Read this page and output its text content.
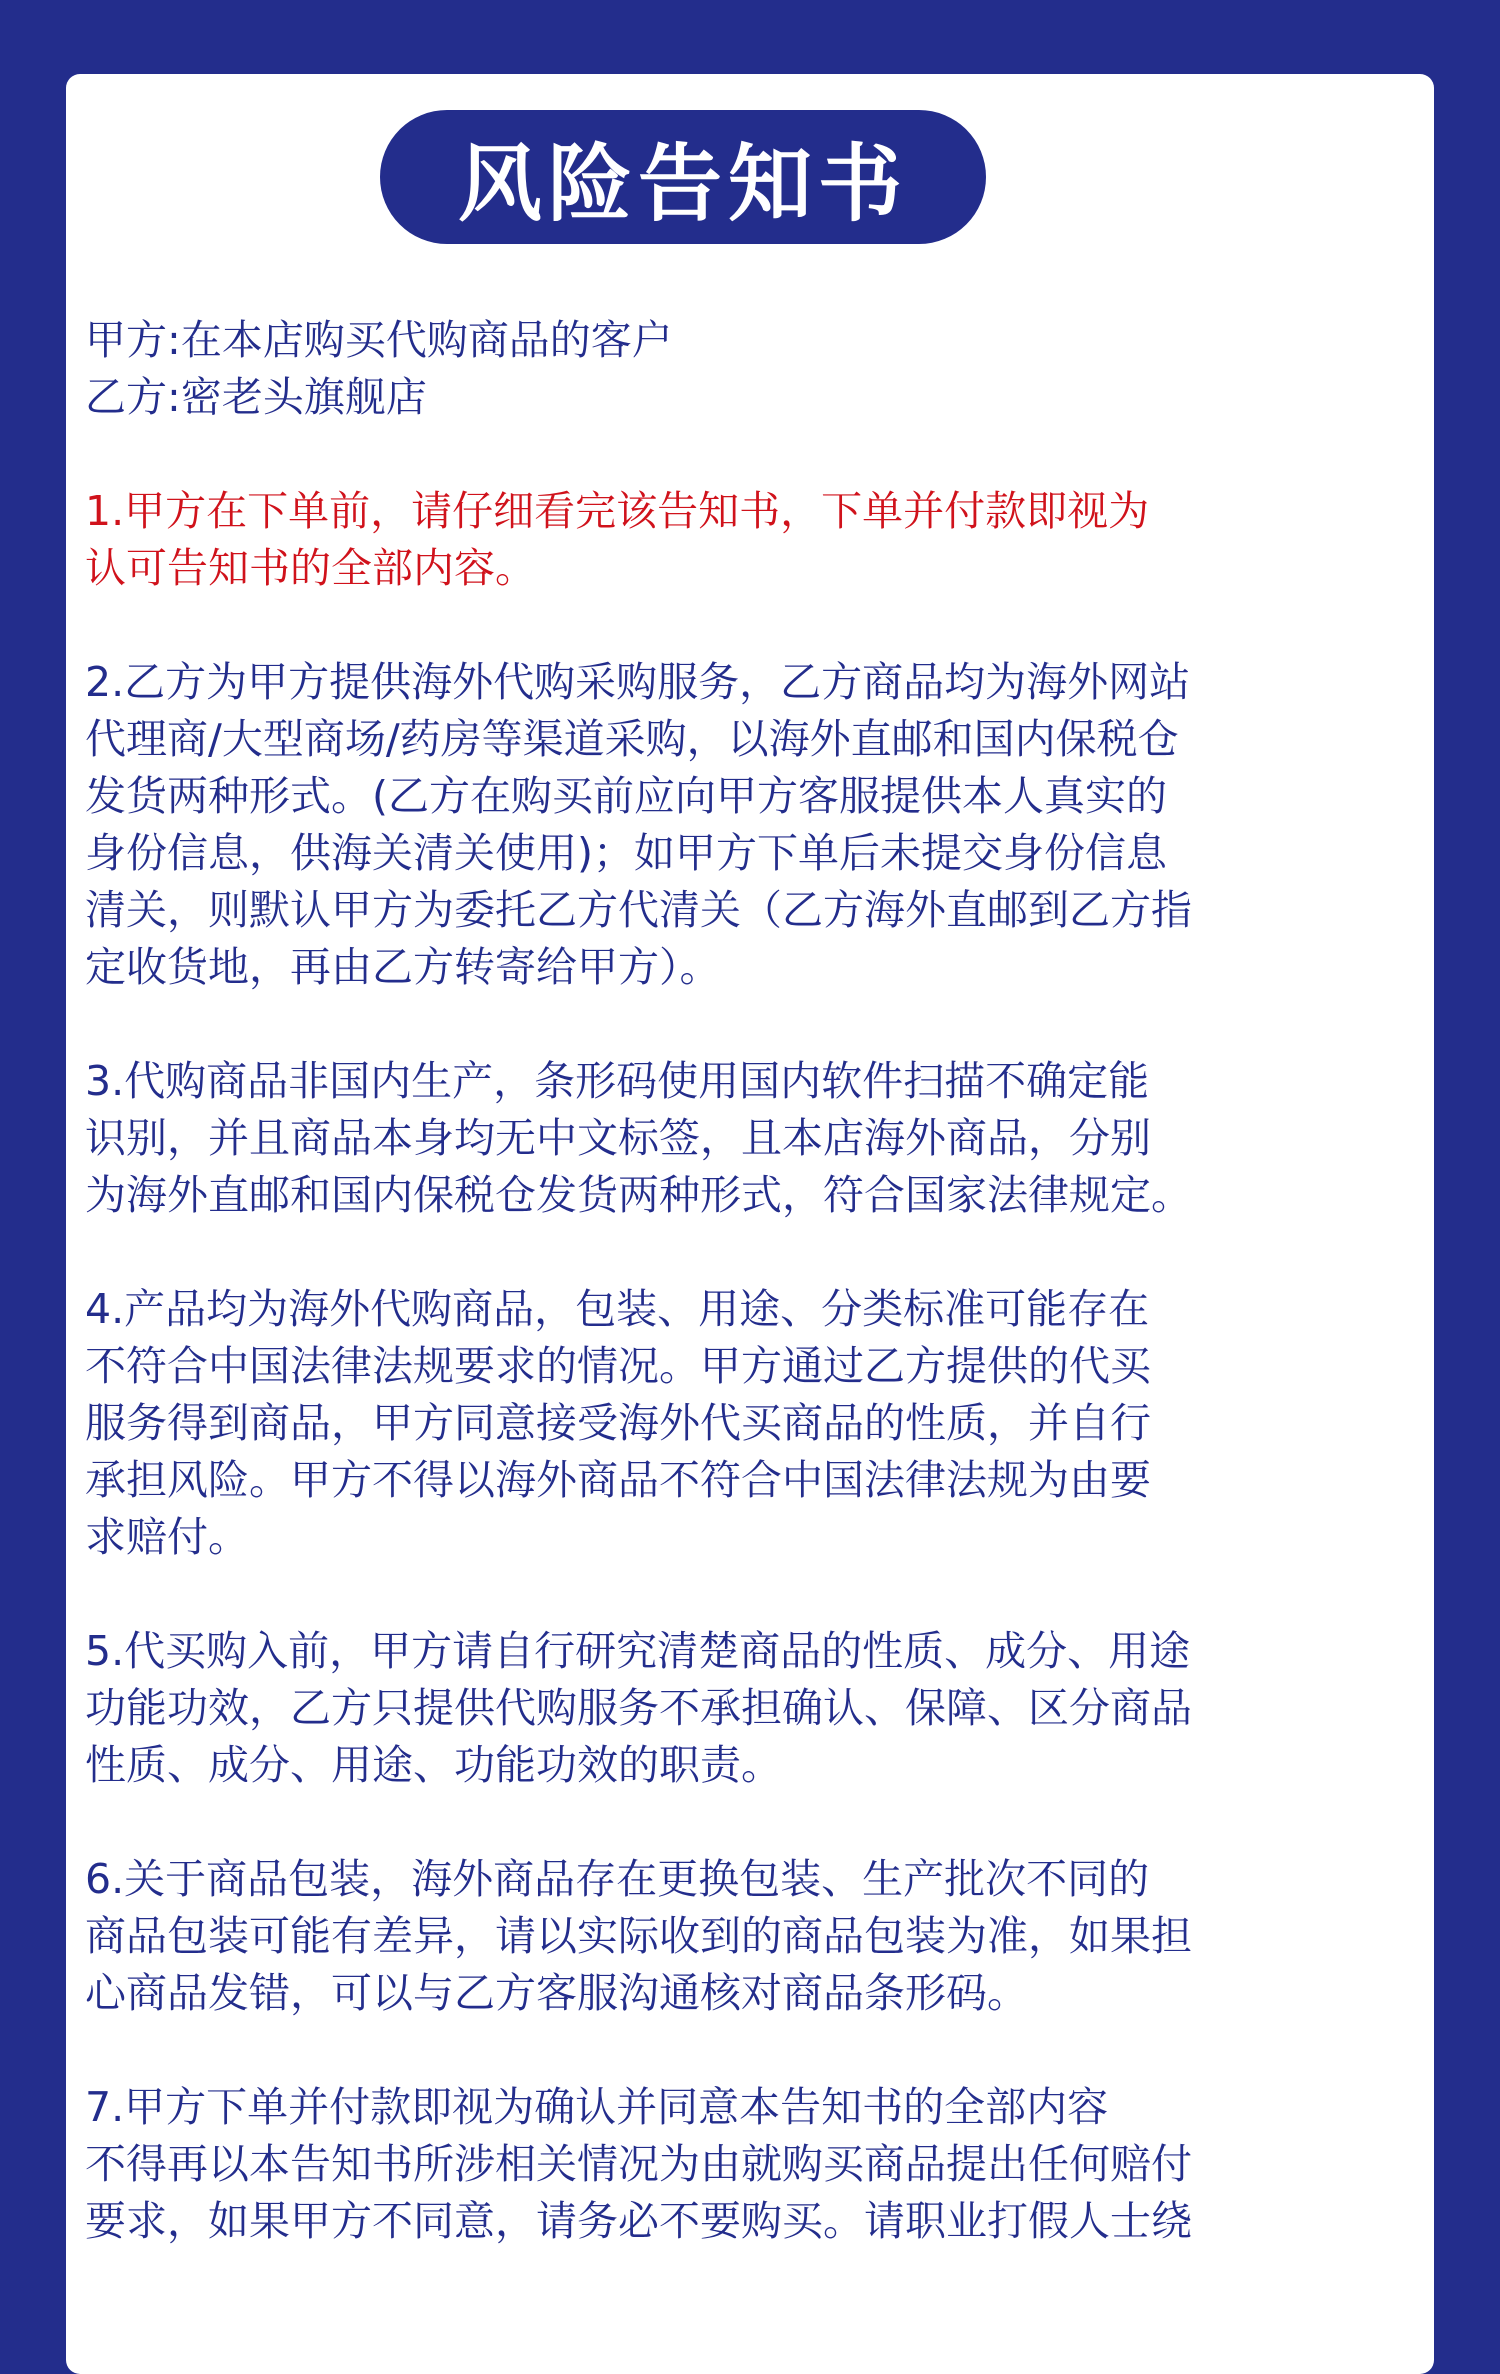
风险告知书
甲方:在本店购买代购商品的客户
乙方:密老头旗舰店
1.甲方在下单前，请仔细看完该告知书，下单并付款即视为
认可告知书的全部内容。
2.乙方为甲方提供海外代购采购服务，乙方商品均为海外网站
代理商/大型商场/药房等渠道采购，以海外直邮和国内保税仓
发货两种形式。(乙方在购买前应向甲方客服提供本人真实的
身份信息，供海关清关使用)；如甲方下单后未提交身份信息
清关，则默认甲方为委托乙方代清关（乙方海外直邮到乙方指
定收货地，再由乙方转寄给甲方）。
3.代购商品非国内生产，条形码使用国内软件扫描不确定能
识别，并且商品本身均无中文标签，且本店海外商品，分别
为海外直邮和国内保税仓发货两种形式，符合国家法律规定。
4.产品均为海外代购商品，包装、用途、分类标准可能存在
不符合中国法律法规要求的情况。甲方通过乙方提供的代买
服务得到商品，甲方同意接受海外代买商品的性质，并自行
承担风险。甲方不得以海外商品不符合中国法律法规为由要
求赔付。
5.代买购入前，甲方请自行研究清楚商品的性质、成分、用途
功能功效，乙方只提供代购服务不承担确认、保障、区分商品
性质、成分、用途、功能功效的职责。
6.关于商品包装，海外商品存在更换包装、生产批次不同的
商品包装可能有差异，请以实际收到的商品包装为准，如果担
心商品发错，可以与乙方客服沟通核对商品条形码。
7.甲方下单并付款即视为确认并同意本告知书的全部内容
不得再以本告知书所涉相关情况为由就购买商品提出任何赔付
要求，如果甲方不同意，请务必不要购买。请职业打假人士绕
